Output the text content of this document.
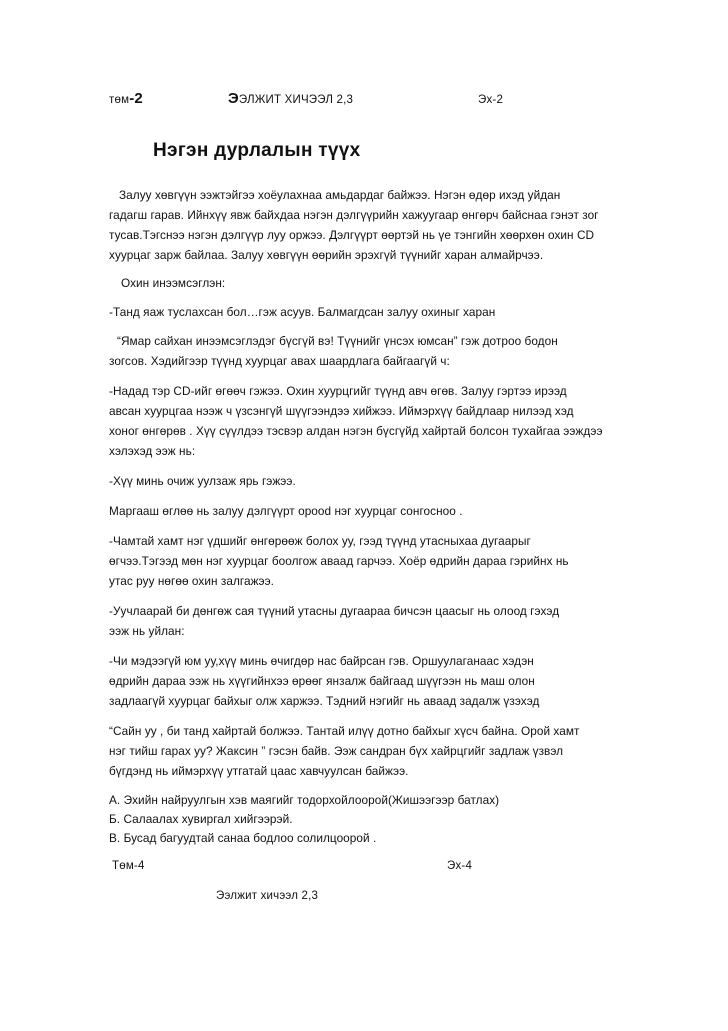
төм-2	ЭЭЛЖИТ ХИЧЭЭЛ 2,3	Эх-2
Нэгэн дурлалын түүх
Залуу хөвгүүн ээжтэйгээ хоёулахнаа амьдардаг байжээ. Нэгэн өдөр ихэд уйдан
гадагш гарав. Ийнхүү явж байхдаа нэгэн дэлгүүрийн хажуугаар өнгөрч байснаа гэнэт зог
тусав.Тэгснээ нэгэн дэлгүүр луу оржээ. Дэлгүүрт өөртэй нь үе тэнгийн хөөрхөн охин CD
хуурцаг зарж байлаа. Залуу хөвгүүн өөрийн эрэхгүй түүнийг харан алмайрчээ.
Охин инээмсэглэн:
-Танд яаж туслахсан бол…гэж асуув. Балмагдсан залуу охиныг харан
“Ямар сайхан инээмсэглэдэг бүсгүй вэ! Түүнийг үнсэх юмсан” гэж дотроо бодон
зогсов. Хэдийгээр түүнд хуурцаг авах шаардлага байгаагүй ч:
-Надад тэр CD-ийг өгөөч гэжээ. Охин хуурцгийг түүнд авч өгөв. Залуу гэртээ ирээд
авсан хуурцгаа нээж ч үзсэнгүй шүүгээндээ хийжээ. Иймэрхүү байдлаар нилээд хэд
хоног өнгөрөв . Хүү сүүлдээ тэсвэр алдан нэгэн бүсгүйд хайртай болсон тухайгаа ээждээ
хэлэхэд ээж нь:
-Хүү минь очиж уулзаж ярь гэжээ.
Маргааш өглөө нь залуу дэлгүүрт орood нэг хуурцаг сонгосноо .
-Чамтай хамт нэг үдшийг өнгөрөөж болох уу, гээд түүнд утасныхаа дугаарыг
өгчээ.Тэгээд мөн нэг хуурцаг боолгож аваад гарчээ. Хоёр өдрийн дараа гэрийнх нь
утас руу нөгөө охин залгажээ.
-Уучлаарай би дөнгөж сая түүний утасны дугаараа бичсэн цаасыг нь олоод гэхэд
ээж нь уйлан:
-Чи мэдээгүй юм уу,хүү минь өчигдөр нас байрсан гэв. Оршуулаганаас хэдэн
өдрийн дараа ээж нь хүүгийнхээ өрөөг янзалж байгаад шүүгээн нь маш олон
задлаагүй хуурцаг байхыг олж харжээ. Тэдний нэгийг нь аваад задалж үзэхэд
“Сайн уу , би танд хайртай болжээ. Тантай илүү дотно байхыг хүсч байна. Орой хамт
нэг тийш гарах уу? Жаксин ” гэсэн байв. Ээж сандран бүх хайрцгийг задлаж үзвэл
бүгдэнд нь иймэрхүү утгатай цаас хавчуулсан байжээ.
А. Эхийн найруулгын хэв маягийг тодорхойлоорой(Жишээгээр батлах)
Б. Салаалах хувиргал хийгээрэй.
В. Бусад багуудтай санаа бодлоо солилцоорой .
Төм-4	Эх-4
Ээлжит хичээл 2,3
